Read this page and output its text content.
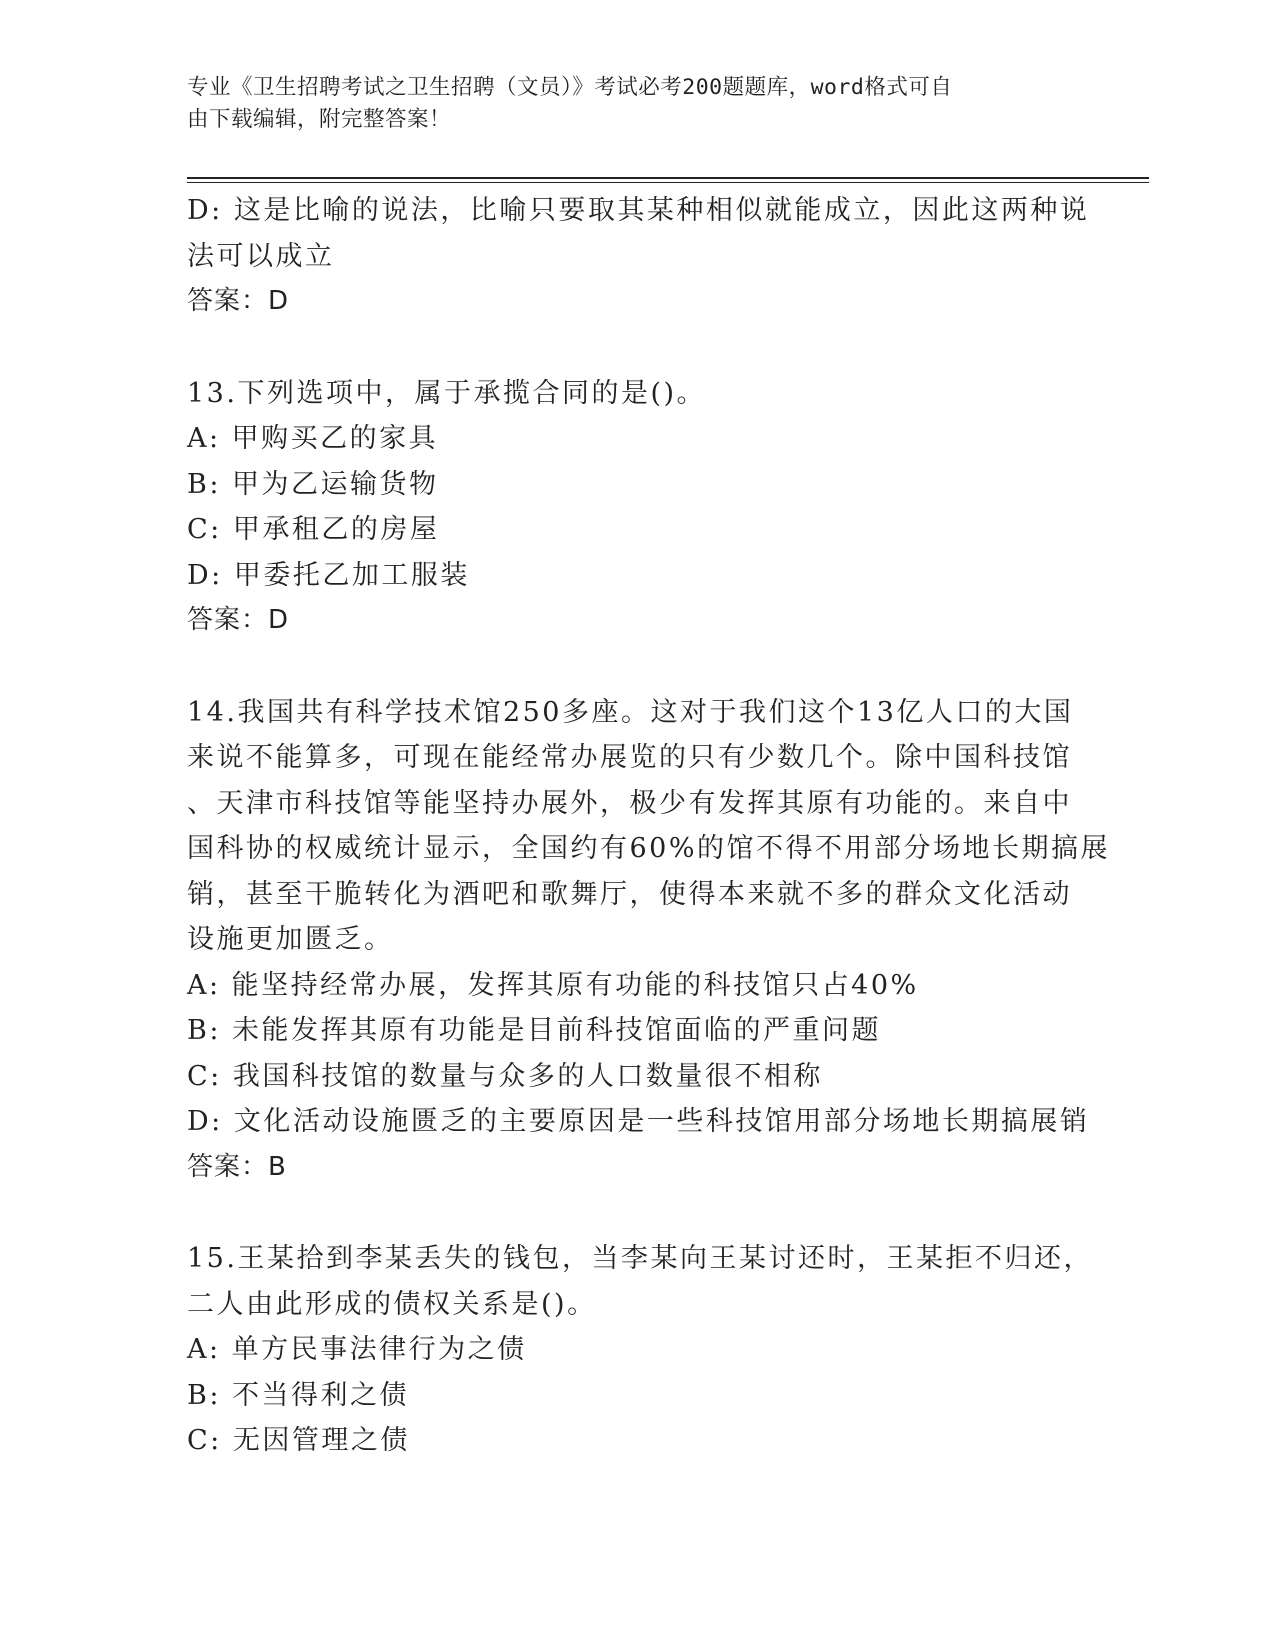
专业《卫生招聘考试之卫生招聘（文员）》考试必考200题题库，word格式可自
由下载编辑，附完整答案！
D: 这是比喻的说法，比喻只要取其某种相似就能成立，因此这两种说
法可以成立
答案：D
13.下列选项中，属于承揽合同的是()。
A: 甲购买乙的家具
B: 甲为乙运输货物
C: 甲承租乙的房屋
D: 甲委托乙加工服装
答案：D
14.我国共有科学技术馆250多座。这对于我们这个13亿人口的大国
来说不能算多，可现在能经常办展览的只有少数几个。除中国科技馆
、天津市科技馆等能坚持办展外，极少有发挥其原有功能的。来自中
国科协的权威统计显示，全国约有60%的馆不得不用部分场地长期搞展
销，甚至干脆转化为酒吧和歌舞厅，使得本来就不多的群众文化活动
设施更加匮乏。
A: 能坚持经常办展，发挥其原有功能的科技馆只占40%
B: 未能发挥其原有功能是目前科技馆面临的严重问题
C: 我国科技馆的数量与众多的人口数量很不相称
D: 文化活动设施匮乏的主要原因是一些科技馆用部分场地长期搞展销
答案：B
15.王某拾到李某丢失的钱包，当李某向王某讨还时，王某拒不归还，
二人由此形成的债权关系是()。
A: 单方民事法律行为之债
B: 不当得利之债
C: 无因管理之债
